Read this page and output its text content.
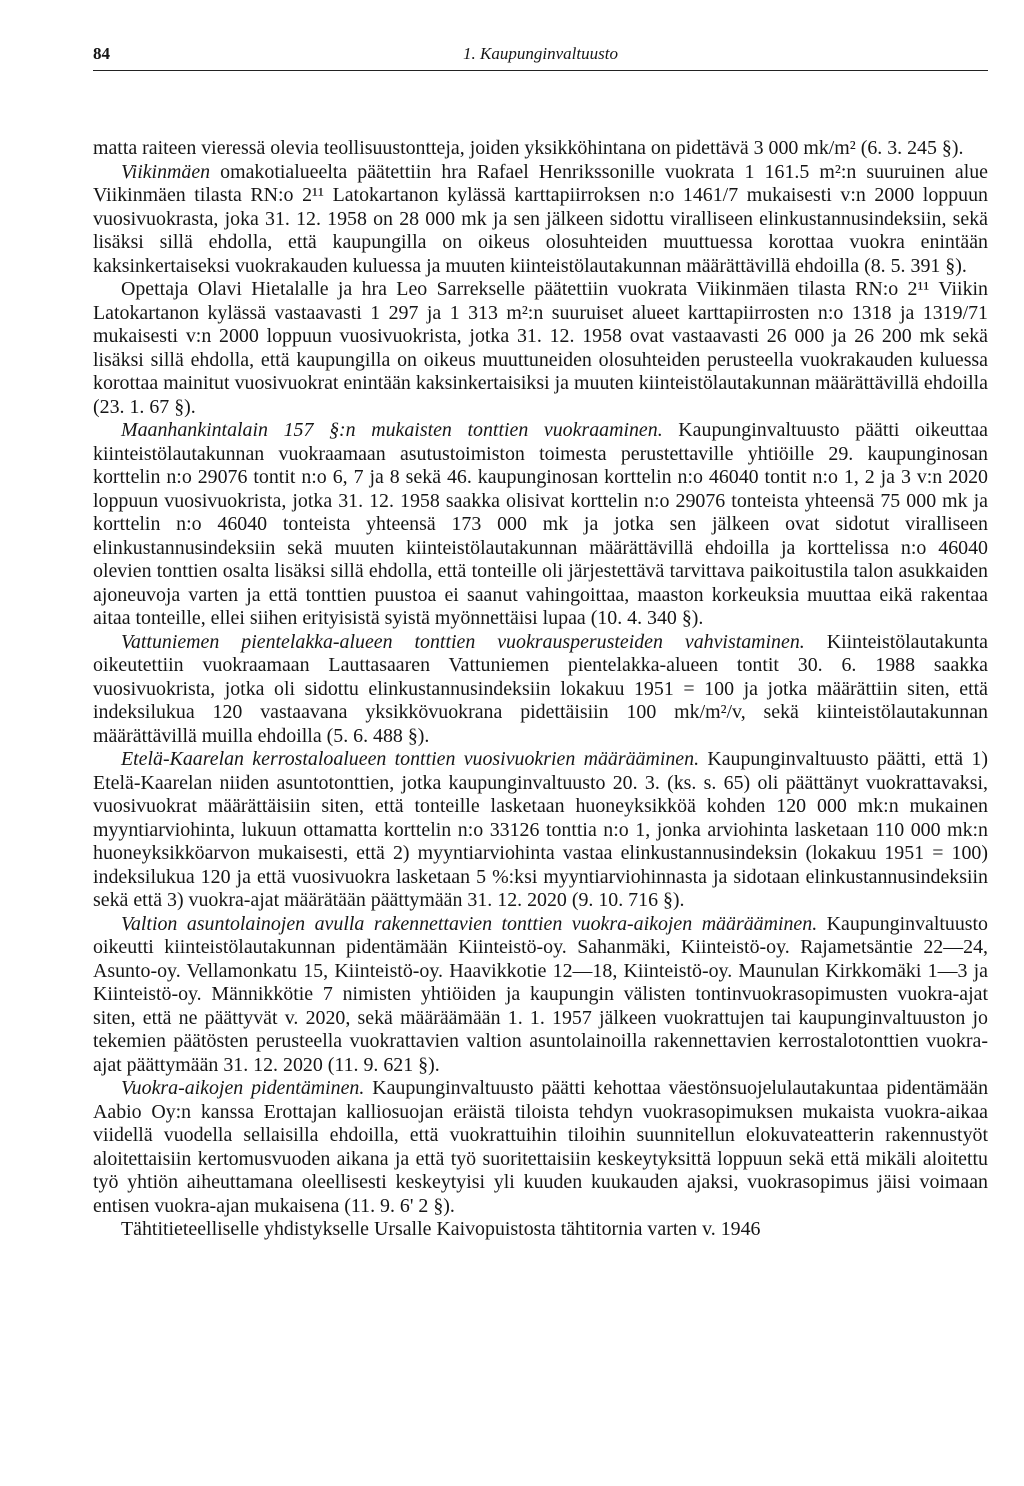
84	1. Kaupunginvaltuusto

matta raiteen vieressä olevia teollisuustontteja, joiden yksikköhintana on pidettävä 3 000 mk/m² (6. 3. 245 §).

Viikinmäen omakotialueelta päätettiin hra Rafael Henrikssonille vuokrata 1 161.5 m²:n suuruinen alue Viikinmäen tilasta RN:o 2¹¹ Latokartanon kylässä karttapiirroksen n:o 1461/7 mukaisesti v:n 2000 loppuun vuosivuokrasta, joka 31. 12. 1958 on 28 000 mk ja sen jälkeen sidottu viralliseen elinkustannusindeksiin, sekä lisäksi sillä ehdolla, että kaupungilla on oikeus olosuhteiden muuttuessa korottaa vuokra enintään kaksinkertaiseksi vuokrakauden kuluessa ja muuten kiinteistölautakunnan määrättävillä ehdoilla (8. 5. 391 §).

Opettaja Olavi Hietalalle ja hra Leo Sarrekselle päätettiin vuokrata Viikinmäen tilasta RN:o 2¹¹ Viikin Latokartanon kylässä vastaavasti 1 297 ja 1 313 m²:n suuruiset alueet karttapiirrosten n:o 1318 ja 1319/71 mukaisesti v:n 2000 loppuun vuosivuokrista, jotka 31. 12. 1958 ovat vastaavasti 26 000 ja 26 200 mk sekä lisäksi sillä ehdolla, että kaupungilla on oikeus muuttuneiden olosuhteiden perusteella vuokrakauden kuluessa korottaa mainitut vuosivuokrat enintään kaksinkertaisiksi ja muuten kiinteistölautakunnan määrättävillä ehdoilla (23. 1. 67 §).

Maanhankintalain 157 §:n mukaisten tonttien vuokraaminen. Kaupunginvaltuusto päätti oikeuttaa kiinteistölautakunnan vuokraamaan asutustoimiston toimesta perustettaville yhtiöille 29. kaupunginosan korttelin n:o 29076 tontit n:o 6, 7 ja 8 sekä 46. kaupunginosan korttelin n:o 46040 tontit n:o 1, 2 ja 3 v:n 2020 loppuun vuosivuokrista, jotka 31. 12. 1958 saakka olisivat korttelin n:o 29076 tonteista yhteensä 75 000 mk ja korttelin n:o 46040 tonteista yhteensä 173 000 mk ja jotka sen jälkeen ovat sidotut viralliseen elinkustannusindeksiin sekä muuten kiinteistölautakunnan määrättävillä ehdoilla ja korttelissa n:o 46040 olevien tonttien osalta lisäksi sillä ehdolla, että tonteille oli järjestettävä tarvittava paikoitustila talon asukkaiden ajoneuvoja varten ja että tonttien puustoa ei saanut vahingoittaa, maaston korkeuksia muuttaa eikä rakentaa aitaa tonteille, ellei siihen erityisistä syistä myönnettäisi lupaa (10. 4. 340 §).

Vattuniemen pientelakka-alueen tonttien vuokrausperusteiden vahvistaminen. Kiinteistölautakunta oikeutettiin vuokraamaan Lauttasaaren Vattuniemen pientelakka-alueen tontit 30. 6. 1988 saakka vuosivuokrista, jotka oli sidottu elinkustannusindeksiin lokakuu 1951 = 100 ja jotka määrättiin siten, että indeksilukua 120 vastaavana yksikkövuokrana pidettäisiin 100 mk/m²/v, sekä kiinteistölautakunnan määrättävillä muilla ehdoilla (5. 6. 488 §).

Etelä-Kaarelan kerrostaloalueen tonttien vuosivuokrien määrääminen. Kaupunginvaltuusto päätti, että 1) Etelä-Kaarelan niiden asuntotonttien, jotka kaupunginvaltuusto 20. 3. (ks. s. 65) oli päättänyt vuokrattavaksi, vuosivuokrat määrättäisiin siten, että tonteille lasketaan huoneyksikköä kohden 120 000 mk:n mukainen myyntiarviohinta, lukuun ottamatta korttelin n:o 33126 tonttia n:o 1, jonka arviohinta lasketaan 110 000 mk:n huoneyksikköarvon mukaisesti, että 2) myyntiarviohinta vastaa elinkustannusindeksin (lokakuu 1951 = 100) indeksilukua 120 ja että vuosivuokra lasketaan 5 %:ksi myyntiarviohinnasta ja sidotaan elinkustannusindeksiin sekä että 3) vuokra-ajat määrätään päättymään 31. 12. 2020 (9. 10. 716 §).

Valtion asuntolainojen avulla rakennettavien tonttien vuokra-aikojen määrääminen. Kaupunginvaltuusto oikeutti kiinteistölautakunnan pidentämään Kiinteistö-oy. Sahanmäki, Kiinteistö-oy. Rajametsäntie 22—24, Asunto-oy. Vellamonkatu 15, Kiinteistö-oy. Haavikkotie 12—18, Kiinteistö-oy. Maunulan Kirkkomäki 1—3 ja Kiinteistö-oy. Männikkötie 7 nimisten yhtiöiden ja kaupungin välisten tontinvuokrasopimusten vuokra-ajat siten, että ne päättyvät v. 2020, sekä määräämään 1. 1. 1957 jälkeen vuokrattujen tai kaupunginvaltuuston jo tekemien päätösten perusteella vuokrattavien valtion asuntolainoilla rakennettavien kerrostalotonttien vuokra-ajat päättymään 31. 12. 2020 (11. 9. 621 §).

Vuokra-aikojen pidentäminen. Kaupunginvaltuusto päätti kehottaa väestönsuojelulautakuntaa pidentämään Aabio Oy:n kanssa Erottajan kalliosuojan eräistä tiloista tehdyn vuokrasopimuksen mukaista vuokra-aikaa viidellä vuodella sellaisilla ehdoilla, että vuokrattuihin tiloihin suunnitellun elokuvateatterin rakennustyöt aloitettaisiin kertomusvuoden aikana ja että työ suoritettaisiin keskeytyksittä loppuun sekä että mikäli aloitettu työ yhtiön aiheuttamana oleellisesti keskeytyisi yli kuuden kuukauden ajaksi, vuokrasopimus jäisi voimaan entisen vuokra-ajan mukaisena (11. 9. 6' 2 §).

Tähtitieteelliselle yhdistykselle Ursalle Kaivopuistosta tähtitornia varten v. 1946
